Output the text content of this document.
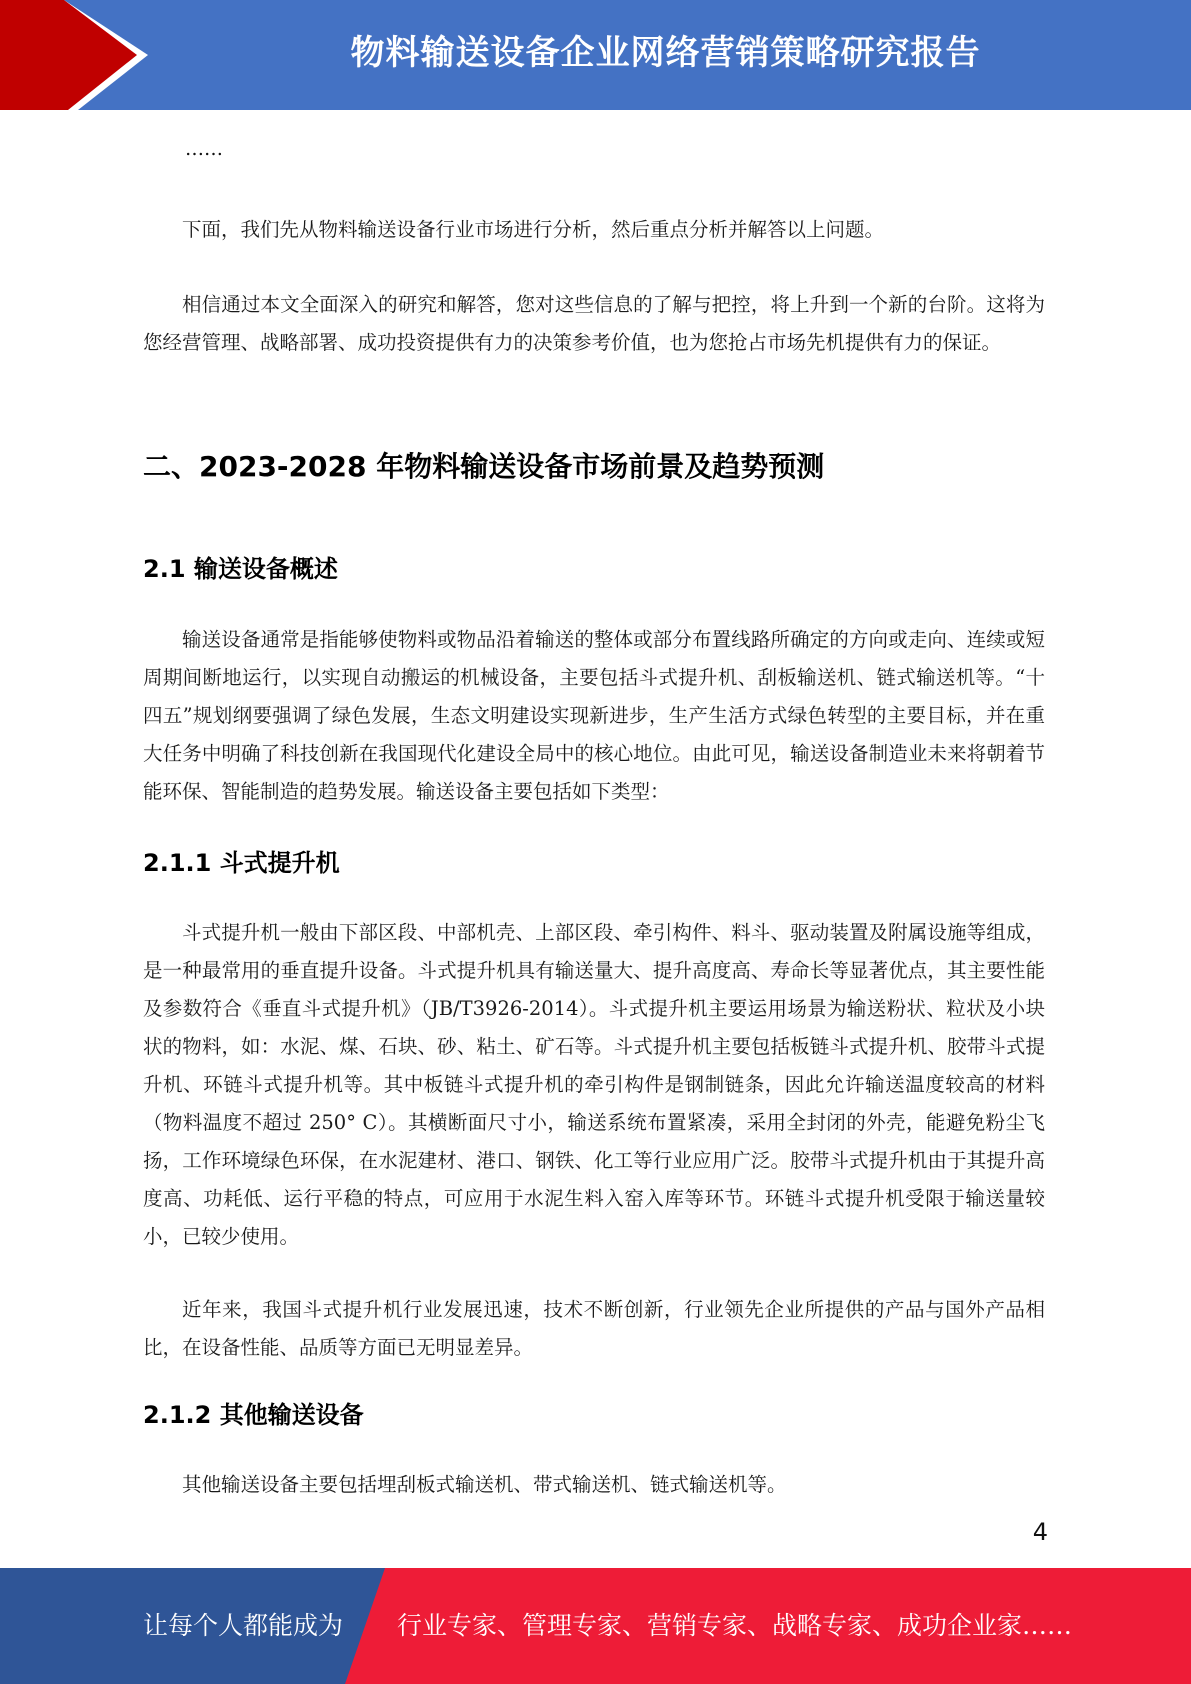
物料输送设备企业网络营销策略研究报告
……

下面，我们先从物料输送设备行业市场进行分析，然后重点分析并解答以上问题。

相信通过本文全面深入的研究和解答，您对这些信息的了解与把控，将上升到一个新的台阶。这将为您经营管理、战略部署、成功投资提供有力的决策参考价值，也为您抢占市场先机提供有力的保证。

二、2023-2028 年物料输送设备市场前景及趋势预测
2.1 输送设备概述

输送设备通常是指能够使物料或物品沿着输送的整体或部分布置线路所确定的方向或走向、连续或短周期间断地运行，以实现自动搬运的机械设备，主要包括斗式提升机、刮板输送机、链式输送机等。“十四五”规划纲要强调了绿色发展，生态文明建设实现新进步，生产生活方式绿色转型的主要目标，并在重大任务中明确了科技创新在我国现代化建设全局中的核心地位。由此可见，输送设备制造业未来将朝着节能环保、智能制造的趋势发展。输送设备主要包括如下类型：

2.1.1 斗式提升机

斗式提升机一般由下部区段、中部机壳、上部区段、牵引构件、料斗、驱动装置及附属设施等组成，是一种最常用的垂直提升设备。斗式提升机具有输送量大、提升高度高、寿命长等显著优点，其主要性能及参数符合《垂直斗式提升机》（JB/T3926-2014）。斗式提升机主要运用场景为输送粉状、粒状及小块状的物料，如：水泥、煤、石块、砂、粘土、矿石等。斗式提升机主要包括板链斗式提升机、胶带斗式提升机、环链斗式提升机等。其中板链斗式提升机的牵引构件是钢制链条，因此允许输送温度较高的材料（物料温度不超过 250° C）。其横断面尺寸小，输送系统布置紧凑，采用全封闭的外壳，能避免粉尘飞扬，工作环境绿色环保，在水泥建材、港口、钢铁、化工等行业应用广泛。胶带斗式提升机由于其提升高度高、功耗低、运行平稳的特点，可应用于水泥生料入窑入库等环节。环链斗式提升机受限于输送量较小，已较少使用。

近年来，我国斗式提升机行业发展迅速，技术不断创新，行业领先企业所提供的产品与国外产品相比，在设备性能、品质等方面已无明显差异。

2.1.2 其他输送设备

其他输送设备主要包括埋刮板式输送机、带式输送机、链式输送机等。

4
让每个人都能成为 行业专家、管理专家、营销专家、战略专家、成功企业家……
